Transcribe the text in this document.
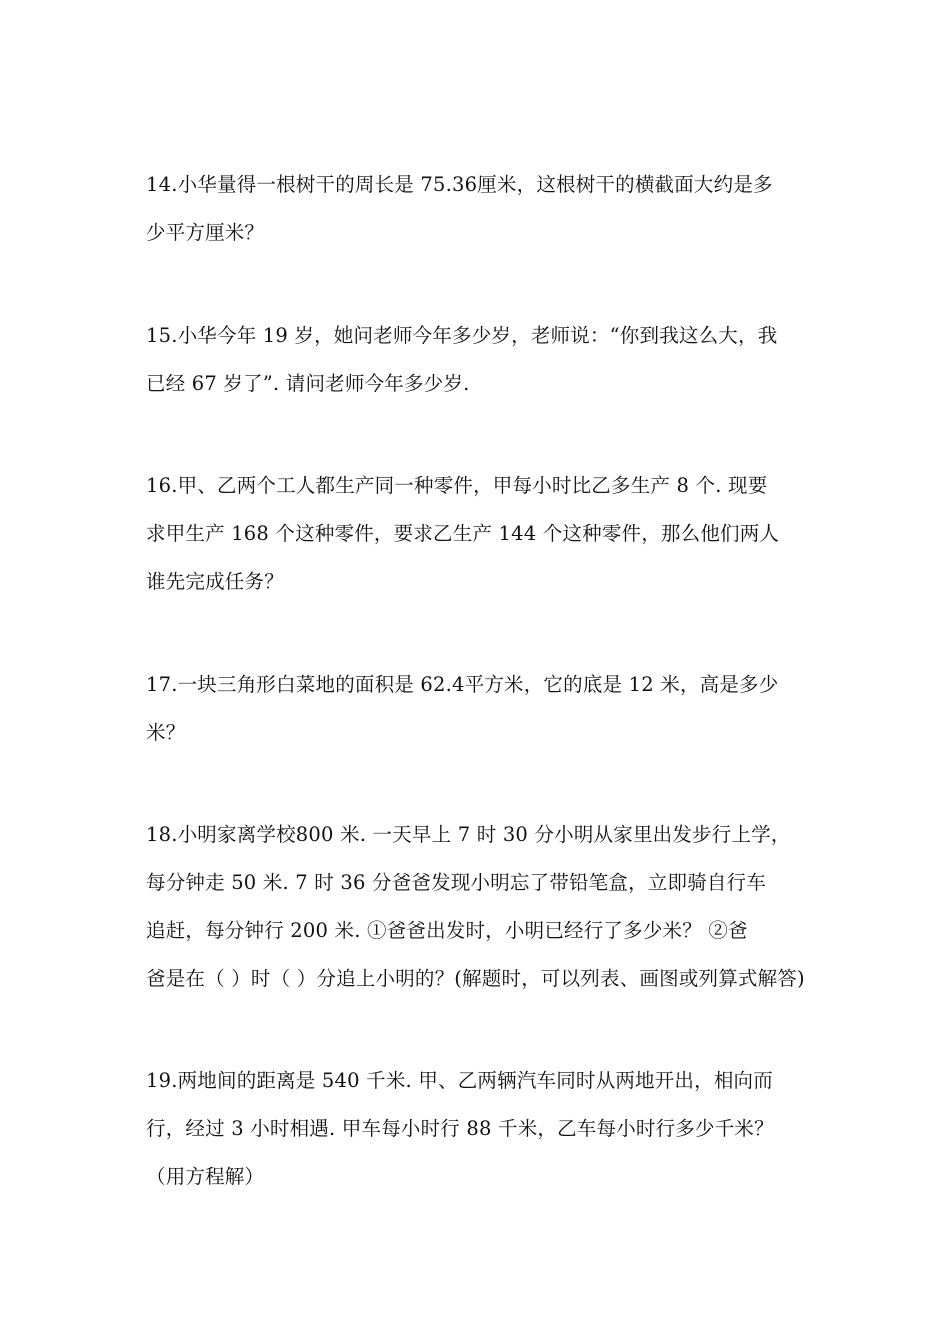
14.小华量得一根树干的周长是 75.36厘米，这根树干的横截面大约是多
少平方厘米？
15.小华今年 19 岁，她问老师今年多少岁，老师说：“你到我这么大，我
已经 67 岁了”. 请问老师今年多少岁.
16.甲、乙两个工人都生产同一种零件，甲每小时比乙多生产 8 个. 现要
求甲生产 168 个这种零件，要求乙生产 144 个这种零件，那么他们两人
谁先完成任务？
17.一块三角形白菜地的面积是 62.4平方米，它的底是 12 米，高是多少
米？
18.小明家离学校800 米. 一天早上 7 时 30 分小明从家里出发步行上学，
每分钟走 50 米. 7 时 36 分爸爸发现小明忘了带铅笔盒，立即骑自行车
追赶，每分钟行 200 米. ①爸爸出发时，小明已经行了多少米？ ②爸
爸是在（ ）时（ ）分追上小明的？(解题时，可以列表、画图或列算式解答)
19.两地间的距离是 540 千米. 甲、乙两辆汽车同时从两地开出，相向而
行，经过 3 小时相遇. 甲车每小时行 88 千米，乙车每小时行多少千米？
（用方程解）
